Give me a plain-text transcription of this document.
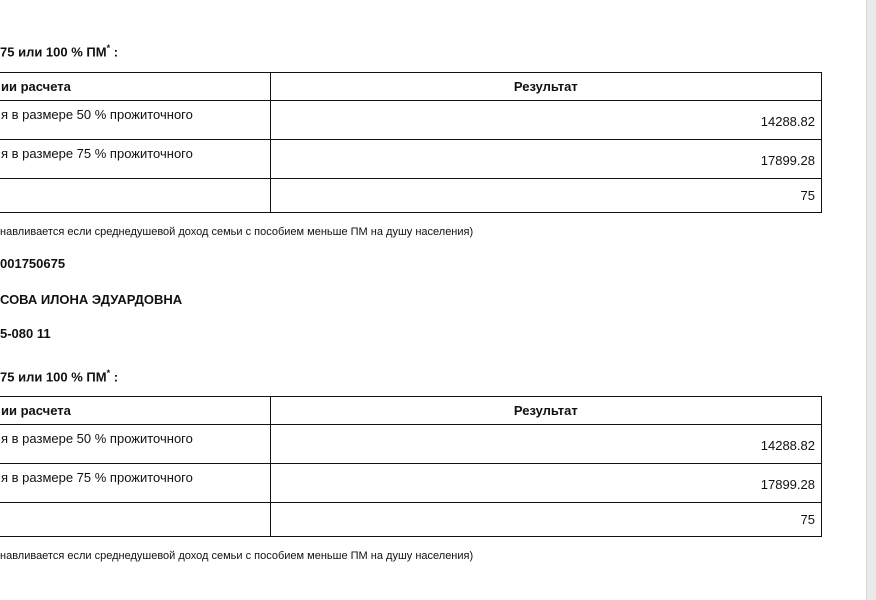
75 или 100 % ПМ* :
ии расчета	Результат
я в размере 50 % прожиточного	14288.82
я в размере 75 % прожиточного	17899.28
	75
навливается если среднедушевой доход семьи с пособием меньше ПМ на душу населения)
001750675
СОВА ИЛОНА ЭДУАРДОВНА
5-080 11
75 или 100 % ПМ* :
ии расчета	Результат
я в размере 50 % прожиточного	14288.82
я в размере 75 % прожиточного	17899.28
	75
навливается если среднедушевой доход семьи с пособием меньше ПМ на душу населения)
